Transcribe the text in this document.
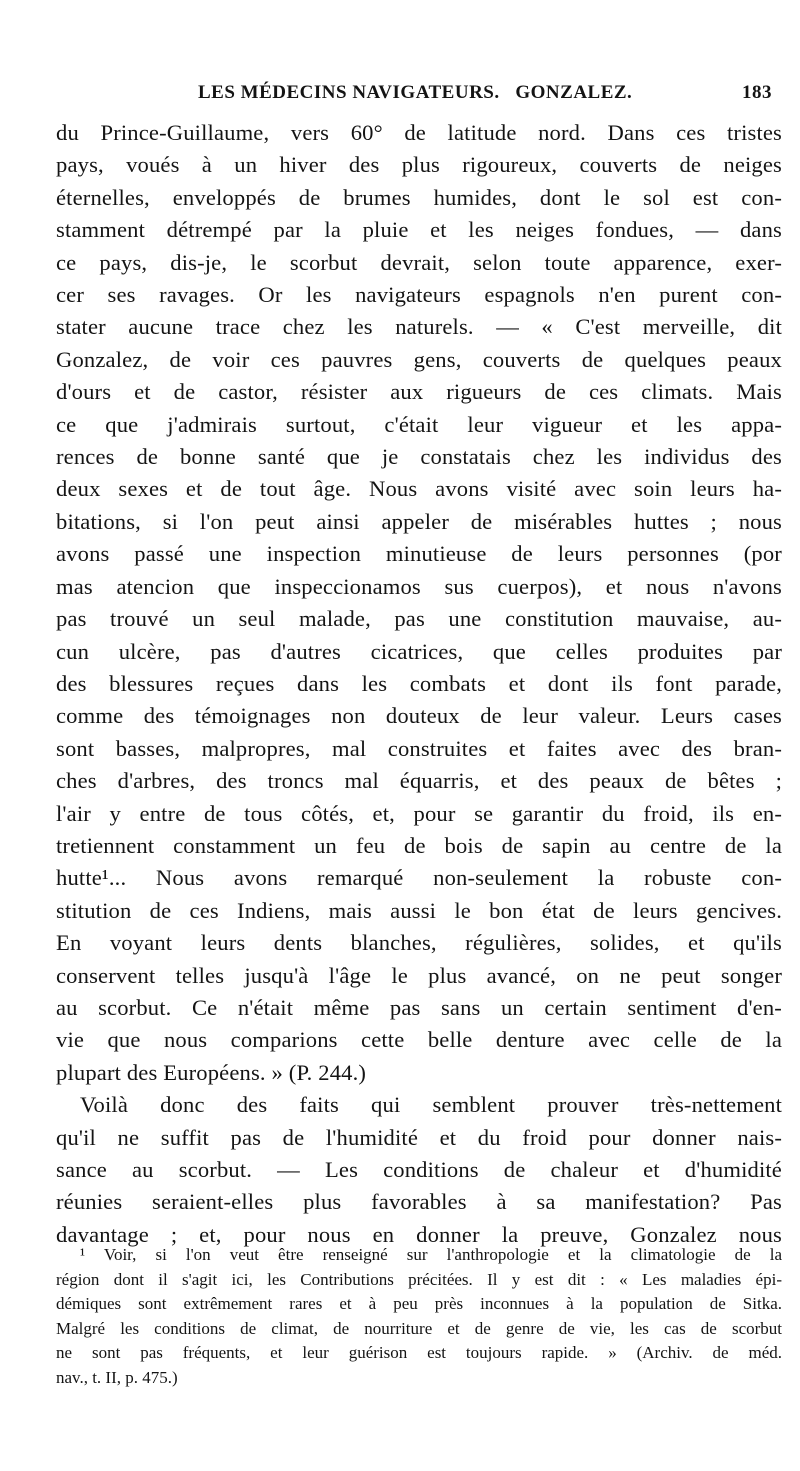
LES MÉDECINS NAVIGATEURS.   GONZALEZ.	183
du Prince-Guillaume, vers 60° de latitude nord. Dans ces tristes
pays, voués à un hiver des plus rigoureux, couverts de neiges
éternelles, enveloppés de brumes humides, dont le sol est con-
stamment détrempé par la pluie et les neiges fondues, — dans
ce pays, dis-je, le scorbut devrait, selon toute apparence, exer-
cer ses ravages. Or les navigateurs espagnols n'en purent con-
stater aucune trace chez les naturels. — « C'est merveille, dit
Gonzalez, de voir ces pauvres gens, couverts de quelques peaux
d'ours et de castor, résister aux rigueurs de ces climats. Mais
ce que j'admirais surtout, c'était leur vigueur et les appa-
rences de bonne santé que je constatais chez les individus des
deux sexes et de tout âge. Nous avons visité avec soin leurs ha-
bitations, si l'on peut ainsi appeler de misérables huttes ; nous
avons passé une inspection minutieuse de leurs personnes (por
mas atencion que inspeccionamos sus cuerpos), et nous n'avons
pas trouvé un seul malade, pas une constitution mauvaise, au-
cun ulcère, pas d'autres cicatrices, que celles produites par
des blessures reçues dans les combats et dont ils font parade,
comme des témoignages non douteux de leur valeur. Leurs cases
sont basses, malpropres, mal construites et faites avec des bran-
ches d'arbres, des troncs mal équarris, et des peaux de bêtes ;
l'air y entre de tous côtés, et, pour se garantir du froid, ils en-
tretiennent constamment un feu de bois de sapin au centre de la
hutte¹... Nous avons remarqué non-seulement la robuste con-
stitution de ces Indiens, mais aussi le bon état de leurs gencives.
En voyant leurs dents blanches, régulières, solides, et qu'ils
conservent telles jusqu'à l'âge le plus avancé, on ne peut songer
au scorbut. Ce n'était même pas sans un certain sentiment d'en-
vie que nous comparions cette belle denture avec celle de la
plupart des Européens. » (P. 244.)
Voilà donc des faits qui semblent prouver très-nettement
qu'il ne suffit pas de l'humidité et du froid pour donner nais-
sance au scorbut. — Les conditions de chaleur et d'humidité
réunies seraient-elles plus favorables à sa manifestation? Pas
davantage ; et, pour nous en donner la preuve, Gonzalez nous
¹ Voir, si l'on veut être renseigné sur l'anthropologie et la climatologie de la
région dont il s'agit ici, les Contributions précitées. Il y est dit : « Les maladies épi-
démiques sont extrêmement rares et à peu près inconnues à la population de Sitka.
Malgré les conditions de climat, de nourriture et de genre de vie, les cas de scorbut
ne sont pas fréquents, et leur guérison est toujours rapide. » (Archiv. de méd.
nav., t. II, p. 475.)
